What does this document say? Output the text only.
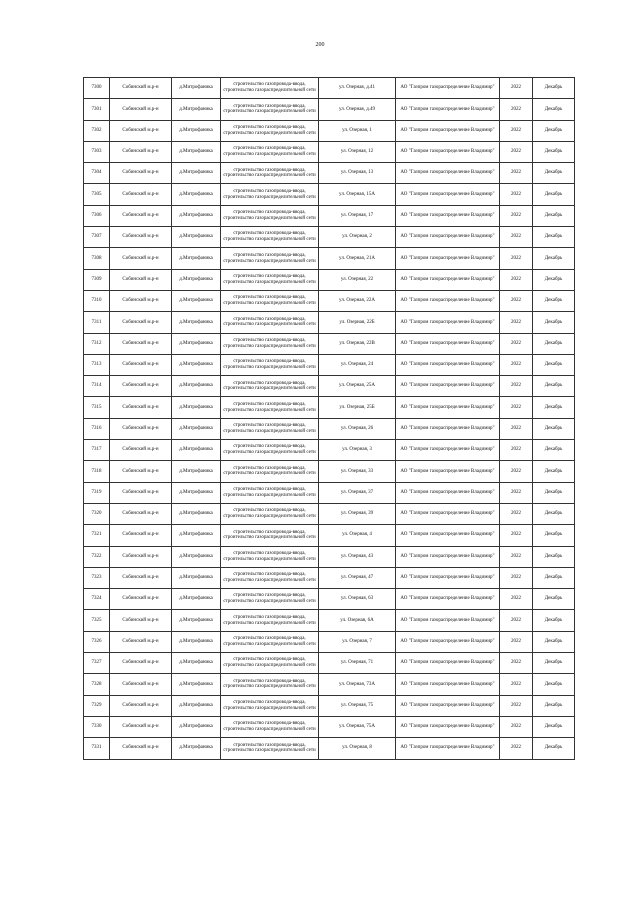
200
7300	Собинский м.р-н	д.Митрофаника	строительство газопровода-ввода, строительство газораспределительной сети	ул. Озерная, д.41	АО "Газпром газораспределение Владимир"	2022	Декабрь
7301	Собинский м.р-н	д.Митрофаника	строительство газопровода-ввода, строительство газораспределительной сети	ул. Озерная, д.49	АО "Газпром газораспределение Владимир"	2022	Декабрь
7302	Собинский м.р-н	д.Митрофаника	строительство газопровода-ввода, строительство газораспределительной сети	ул. Озерная, 1	АО "Газпром газораспределение Владимир"	2022	Декабрь
7303	Собинский м.р-н	д.Митрофаника	строительство газопровода-ввода, строительство газораспределительной сети	ул. Озерная, 12	АО "Газпром газораспределение Владимир"	2022	Декабрь
7304	Собинский м.р-н	д.Митрофаника	строительство газопровода-ввода, строительство газораспределительной сети	ул. Озерная, 13	АО "Газпром газораспределение Владимир"	2022	Декабрь
7305	Собинский м.р-н	д.Митрофаника	строительство газопровода-ввода, строительство газораспределительной сети	ул. Озерная, 15А	АО "Газпром газораспределение Владимир"	2022	Декабрь
7306	Собинский м.р-н	д.Митрофаника	строительство газопровода-ввода, строительство газораспределительной сети	ул. Озерная, 17	АО "Газпром газораспределение Владимир"	2022	Декабрь
7307	Собинский м.р-н	д.Митрофаника	строительство газопровода-ввода, строительство газораспределительной сети	ул. Озерная, 2	АО "Газпром газораспределение Владимир"	2022	Декабрь
7308	Собинский м.р-н	д.Митрофаника	строительство газопровода-ввода, строительство газораспределительной сети	ул. Озерная, 21А	АО "Газпром газораспределение Владимир"	2022	Декабрь
7309	Собинский м.р-н	д.Митрофаника	строительство газопровода-ввода, строительство газораспределительной сети	ул. Озерная, 22	АО "Газпром газораспределение Владимир"	2022	Декабрь
7310	Собинский м.р-н	д.Митрофаника	строительство газопровода-ввода, строительство газораспределительной сети	ул. Озерная, 22А	АО "Газпром газораспределение Владимир"	2022	Декабрь
7311	Собинский м.р-н	д.Митрофаника	строительство газопровода-ввода, строительство газораспределительной сети	ул. Озерная, 22Б	АО "Газпром газораспределение Владимир"	2022	Декабрь
7312	Собинский м.р-н	д.Митрофаника	строительство газопровода-ввода, строительство газораспределительной сети	ул. Озерная, 22В	АО "Газпром газораспределение Владимир"	2022	Декабрь
7313	Собинский м.р-н	д.Митрофаника	строительство газопровода-ввода, строительство газораспределительной сети	ул. Озерная, 24	АО "Газпром газораспределение Владимир"	2022	Декабрь
7314	Собинский м.р-н	д.Митрофаника	строительство газопровода-ввода, строительство газораспределительной сети	ул. Озерная, 25А	АО "Газпром газораспределение Владимир"	2022	Декабрь
7315	Собинский м.р-н	д.Митрофаника	строительство газопровода-ввода, строительство газораспределительной сети	ул. Озерная, 25Б	АО "Газпром газораспределение Владимир"	2022	Декабрь
7316	Собинский м.р-н	д.Митрофаника	строительство газопровода-ввода, строительство газораспределительной сети	ул. Озерная, 26	АО "Газпром газораспределение Владимир"	2022	Декабрь
7317	Собинский м.р-н	д.Митрофаника	строительство газопровода-ввода, строительство газораспределительной сети	ул. Озерная, 3	АО "Газпром газораспределение Владимир"	2022	Декабрь
7318	Собинский м.р-н	д.Митрофаника	строительство газопровода-ввода, строительство газораспределительной сети	ул. Озерная, 33	АО "Газпром газораспределение Владимир"	2022	Декабрь
7319	Собинский м.р-н	д.Митрофаника	строительство газопровода-ввода, строительство газораспределительной сети	ул. Озерная, 37	АО "Газпром газораспределение Владимир"	2022	Декабрь
7320	Собинский м.р-н	д.Митрофаника	строительство газопровода-ввода, строительство газораспределительной сети	ул. Озерная, 39	АО "Газпром газораспределение Владимир"	2022	Декабрь
7321	Собинский м.р-н	д.Митрофаника	строительство газопровода-ввода, строительство газораспределительной сети	ул. Озерная, 4	АО "Газпром газораспределение Владимир"	2022	Декабрь
7322	Собинский м.р-н	д.Митрофаника	строительство газопровода-ввода, строительство газораспределительной сети	ул. Озерная, 43	АО "Газпром газораспределение Владимир"	2022	Декабрь
7323	Собинский м.р-н	д.Митрофаника	строительство газопровода-ввода, строительство газораспределительной сети	ул. Озерная, 47	АО "Газпром газораспределение Владимир"	2022	Декабрь
7324	Собинский м.р-н	д.Митрофаника	строительство газопровода-ввода, строительство газораспределительной сети	ул. Озерная, 63	АО "Газпром газораспределение Владимир"	2022	Декабрь
7325	Собинский м.р-н	д.Митрофаника	строительство газопровода-ввода, строительство газораспределительной сети	ул. Озерная, 6А	АО "Газпром газораспределение Владимир"	2022	Декабрь
7326	Собинский м.р-н	д.Митрофаника	строительство газопровода-ввода, строительство газораспределительной сети	ул. Озерная, 7	АО "Газпром газораспределение Владимир"	2022	Декабрь
7327	Собинский м.р-н	д.Митрофаника	строительство газопровода-ввода, строительство газораспределительной сети	ул. Озерная, 71	АО "Газпром газораспределение Владимир"	2022	Декабрь
7328	Собинский м.р-н	д.Митрофаника	строительство газопровода-ввода, строительство газораспределительной сети	ул. Озерная, 73А	АО "Газпром газораспределение Владимир"	2022	Декабрь
7329	Собинский м.р-н	д.Митрофаника	строительство газопровода-ввода, строительство газораспределительной сети	ул. Озерная, 75	АО "Газпром газораспределение Владимир"	2022	Декабрь
7330	Собинский м.р-н	д.Митрофаника	строительство газопровода-ввода, строительство газораспределительной сети	ул. Озерная, 75А	АО "Газпром газораспределение Владимир"	2022	Декабрь
7331	Собинский м.р-н	д.Митрофаника	строительство газопровода-ввода, строительство газораспределительной сети	ул. Озерная, 8	АО "Газпром газораспределение Владимир"	2022	Декабрь
